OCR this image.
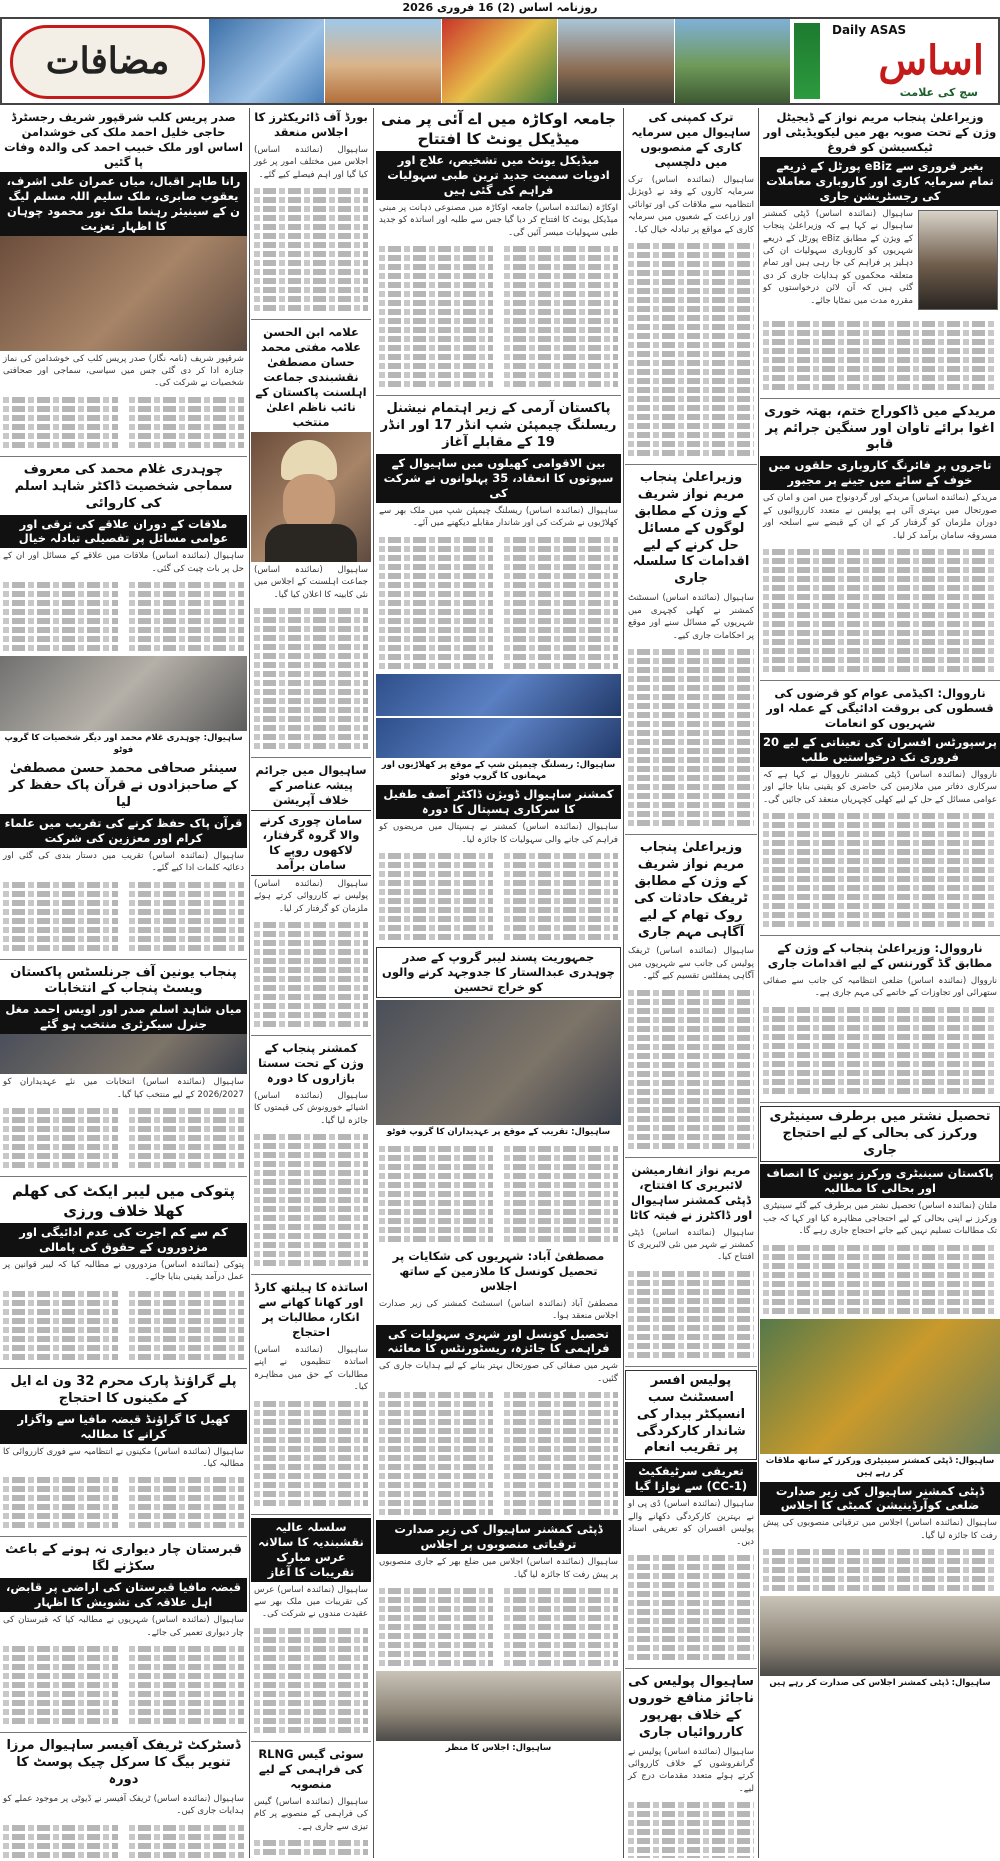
روزنامہ اساس (2) 16 فروری 2026
مضافات
Daily ASAS
اساس
سچ کی علامت
وزیراعلیٰ پنجاب مریم نواز کے ڈیجیٹل وژن کے تحت صوبہ بھر میں لیکویڈیٹی اور ٹیکسیشن کو فروغ
بغیر فروری سے eBiz پورٹل کے ذریعے تمام سرمایہ کاری اور کاروباری معاملات کی رجسٹریشن جاری
ساہیوال (نمائندہ اساس) ڈپٹی کمشنر ساہیوال نے کہا ہے کہ وزیراعلیٰ پنجاب کے ویژن کے مطابق eBiz پورٹل کے ذریعے شہریوں کو کاروباری سہولیات ان کی دہلیز پر فراہم کی جا رہی ہیں اور تمام متعلقہ محکموں کو ہدایات جاری کر دی گئی ہیں کہ آن لائن درخواستوں کو مقررہ مدت میں نمٹایا جائے۔
مریدکے میں ڈاکوراج ختم، بھتہ خوری اغوا برائے تاوان اور سنگین جرائم پر قابو
تاجروں پر فائرنگ کاروباری حلقوں میں خوف کے سائے میں جینے پر مجبور
مریدکے (نمائندہ اساس) مریدکے اور گردونواح میں امن و امان کی صورتحال میں بہتری آئی ہے پولیس نے متعدد کارروائیوں کے دوران ملزمان کو گرفتار کر کے ان کے قبضے سے اسلحہ اور مسروقہ سامان برآمد کر لیا۔
نارووال: اکیڈمی عوام کو قرضوں کی قسطوں کی بروقت ادائیگی کے عملہ اور شہریوں کو انعامات
پرسپورٹس افسران کی تعیناتی کے لیے 20 فروری تک درخواستیں طلب
نارووال (نمائندہ اساس) ڈپٹی کمشنر نارووال نے کہا ہے کہ سرکاری دفاتر میں ملازمین کی حاضری کو یقینی بنایا جائے اور عوامی مسائل کے حل کے لیے کھلی کچہریاں منعقد کی جائیں گی۔
نارووال: وزیراعلیٰ پنجاب کے وژن کے مطابق گڈ گورننس کے لیے اقدامات جاری
نارووال (نمائندہ اساس) ضلعی انتظامیہ کی جانب سے صفائی ستھرائی اور تجاوزات کے خاتمے کی مہم جاری ہے۔
تحصیل نشتر میں برطرف سینیٹری ورکرز کی بحالی کے لیے احتجاج جاری
پاکستان سینیٹری ورکرز یونین کا انصاف اور بحالی کا مطالبہ
ملتان (نمائندہ اساس) تحصیل نشتر میں برطرف کیے گئے سینیٹری ورکرز نے اپنی بحالی کے لیے احتجاجی مظاہرہ کیا اور کہا کہ جب تک مطالبات تسلیم نہیں کیے جاتے احتجاج جاری رہے گا۔
ساہیوال: ڈپٹی کمشنر سینیٹری ورکرز کے ساتھ ملاقات کر رہے ہیں
ڈپٹی کمشنر ساہیوال کی زیر صدارت ضلعی کوآرڈینیشن کمیٹی کا اجلاس
ساہیوال (نمائندہ اساس) اجلاس میں ترقیاتی منصوبوں کی پیش رفت کا جائزہ لیا گیا۔
ساہیوال: ڈپٹی کمشنر اجلاس کی صدارت کر رہے ہیں
ترک کمپنی کی ساہیوال میں سرمایہ کاری کے منصوبوں میں دلچسپی
ساہیوال (نمائندہ اساس) ترک سرمایہ کاروں کے وفد نے ڈویژنل انتظامیہ سے ملاقات کی اور توانائی اور زراعت کے شعبوں میں سرمایہ کاری کے مواقع پر تبادلہ خیال کیا۔
وزیراعلیٰ پنجاب مریم نواز شریف کے وژن کے مطابق لوگوں کے مسائل حل کرنے کے لیے اقدامات کا سلسلہ جاری
ساہیوال (نمائندہ اساس) اسسٹنٹ کمشنر نے کھلی کچہری میں شہریوں کے مسائل سنے اور موقع پر احکامات جاری کیے۔
وزیراعلیٰ پنجاب مریم نواز شریف کے وژن کے مطابق ٹریفک حادثات کی روک تھام کے لیے آگاہی مہم جاری
ساہیوال (نمائندہ اساس) ٹریفک پولیس کی جانب سے شہریوں میں آگاہی پمفلٹس تقسیم کیے گئے۔
مریم نواز انفارمیشن لائبریری کا افتتاح، ڈپٹی کمشنر ساہیوال اور ڈاکٹرز نے فیتہ کاٹا
ساہیوال (نمائندہ اساس) ڈپٹی کمشنر نے شہر میں نئی لائبریری کا افتتاح کیا۔
پولیس افسر اسسٹنٹ سب انسپکٹر بیدار کی شاندار کارکردگی پر تقریب انعام
تعریفی سرٹیفکیٹ (CC-1) سے نوازا گیا
ساہیوال (نمائندہ اساس) ڈی پی او نے بہترین کارکردگی دکھانے والے پولیس افسران کو تعریفی اسناد دیں۔
ساہیوال پولیس کی ناجائز منافع خوروں کے خلاف بھرپور کارروائیاں جاری
ساہیوال (نمائندہ اساس) پولیس نے گرانفروشوں کے خلاف کارروائی کرتے ہوئے متعدد مقدمات درج کر لیے۔
جامعہ اوکاڑہ میں اے آئی پر منی میڈیکل یونٹ کا افتتاح
میڈیکل یونٹ میں تشخیص، علاج اور ادویات سمیت جدید ترین طبی سہولیات فراہم کی گئی ہیں
اوکاڑہ (نمائندہ اساس) جامعہ اوکاڑہ میں مصنوعی ذہانت پر مبنی میڈیکل یونٹ کا افتتاح کر دیا گیا جس سے طلبہ اور اساتذہ کو جدید طبی سہولیات میسر آئیں گی۔
پاکستان آرمی کے زیر اہتمام نیشنل ریسلنگ چیمپئن شپ انڈر 17 اور انڈر 19 کے مقابلے آغاز
بین الاقوامی کھیلوں میں ساہیوال کے سپوتوں کا انعقاد، 35 پہلوانوں نے شرکت کی
ساہیوال (نمائندہ اساس) ریسلنگ چیمپئن شپ میں ملک بھر سے کھلاڑیوں نے شرکت کی اور شاندار مقابلے دیکھنے میں آئے۔
ساہیوال: ریسلنگ چیمپئن شپ کے موقع پر کھلاڑیوں اور مہمانوں کا گروپ فوٹو
کمشنر ساہیوال ڈویژن ڈاکٹر آصف طفیل کا سرکاری ہسپتال کا دورہ
ساہیوال (نمائندہ اساس) کمشنر نے ہسپتال میں مریضوں کو فراہم کی جانے والی سہولیات کا جائزہ لیا۔
جمہوریت پسند لیبر گروپ کے صدر چوہدری عبدالستار کا جدوجہد کرنے والوں کو خراج تحسین
ساہیوال: تقریب کے موقع پر عہدیداران کا گروپ فوٹو
مصطفیٰ آباد: شہریوں کی شکایات پر تحصیل کونسل کا ملازمین کے ساتھ اجلاس
مصطفیٰ آباد (نمائندہ اساس) اسسٹنٹ کمشنر کی زیر صدارت اجلاس منعقد ہوا۔
تحصیل کونسل اور شہری سہولیات کی فراہمی کا جائزہ، ریسٹورنٹس کا معائنہ
شہر میں صفائی کی صورتحال بہتر بنانے کے لیے ہدایات جاری کی گئیں۔
ڈپٹی کمشنر ساہیوال کی زیر صدارت ترقیاتی منصوبوں پر اجلاس
ساہیوال (نمائندہ اساس) اجلاس میں ضلع بھر کے جاری منصوبوں پر پیش رفت کا جائزہ لیا گیا۔
ساہیوال: اجلاس کا منظر
بورڈ آف ڈائریکٹرز کا اجلاس منعقد
ساہیوال (نمائندہ اساس) اجلاس میں مختلف امور پر غور کیا گیا اور اہم فیصلے کیے گئے۔
علامہ ابن الحسن علامہ مفتی محمد حسان مصطفیٰ نقشبندی جماعت اہلسنت پاکستان کے نائب ناظم اعلیٰ منتخب
ساہیوال (نمائندہ اساس) جماعت اہلسنت کے اجلاس میں نئی کابینہ کا اعلان کیا گیا۔
ساہیوال میں جرائم پیشہ عناصر کے خلاف آپریشن
سامان چوری کرنے والا گروہ گرفتار، لاکھوں روپے کا سامان برآمد
ساہیوال (نمائندہ اساس) پولیس نے کارروائی کرتے ہوئے ملزمان کو گرفتار کر لیا۔
کمشنر پنجاب کے وژن کے تحت سستا بازاروں کا دورہ
ساہیوال (نمائندہ اساس) اشیائے خورونوش کی قیمتوں کا جائزہ لیا گیا۔
اساتذہ کا ہیلتھ کارڈ اور کھانا کھانے سے انکار، مطالبات پر احتجاج
ساہیوال (نمائندہ اساس) اساتذہ تنظیموں نے اپنے مطالبات کے حق میں مظاہرہ کیا۔
سلسلہ عالیہ نقشبندیہ کا سالانہ عرس مبارک تقریبات کا آغاز
ساہیوال (نمائندہ اساس) عرس کی تقریبات میں ملک بھر سے عقیدت مندوں نے شرکت کی۔
سوئی گیس RLNG کی فراہمی کے لیے منصوبہ
ساہیوال (نمائندہ اساس) گیس کی فراہمی کے منصوبے پر کام تیزی سے جاری ہے۔
صدر پریس کلب شرقپور شریف رجسٹرڈ حاجی خلیل احمد ملک کی خوشدامن اساس اور ملک خبیب احمد کی والدہ وفات پا گئیں
رانا طاہر اقبال، میاں عمران علی اشرف، یعقوب صابری، ملک سلیم اللہ مسلم لیگ ن کے سینیئر رہنما ملک نور محمود چوہان کا اظہار تعزیت
شرقپور شریف (نامہ نگار) صدر پریس کلب کی خوشدامن کی نماز جنازہ ادا کر دی گئی جس میں سیاسی، سماجی اور صحافتی شخصیات نے شرکت کی۔
چوہدری غلام محمد کی معروف سماجی شخصیت ڈاکٹر شاہد اسلم کی کاروائی
ملاقات کے دوران علاقے کی ترقی اور عوامی مسائل پر تفصیلی تبادلہ خیال
ساہیوال (نمائندہ اساس) ملاقات میں علاقے کے مسائل اور ان کے حل پر بات چیت کی گئی۔
ساہیوال: چوہدری غلام محمد اور دیگر شخصیات کا گروپ فوٹو
سینئر صحافی محمد حسن مصطفیٰ کے صاحبزادوں نے قرآن پاک حفظ کر لیا
قرآن پاک حفظ کرنے کی تقریب میں علماء کرام اور معززین کی شرکت
ساہیوال (نمائندہ اساس) تقریب میں دستار بندی کی گئی اور دعائیہ کلمات ادا کیے گئے۔
پنجاب یونین آف جرنلسٹس پاکستان ویسٹ پنجاب کے انتخابات
میاں شاہد اسلم صدر اور اویس احمد مغل جنرل سیکرٹری منتخب ہو گئے
ساہیوال (نمائندہ اساس) انتخابات میں نئے عہدیداران کو 2026/2027 کے لیے منتخب کیا گیا۔
پتوکی میں لیبر ایکٹ کی کھلم کھلا خلاف ورزی
کم سے کم اجرت کی عدم ادائیگی اور مزدوروں کے حقوق کی پامالی
پتوکی (نمائندہ اساس) مزدوروں نے مطالبہ کیا کہ لیبر قوانین پر عمل درآمد یقینی بنایا جائے۔
پلے گراؤنڈ پارک محرم 32 ون اے ایل کے مکینوں کا احتجاج
کھیل کا گراؤنڈ قبضہ مافیا سے واگزار کرانے کا مطالبہ
ساہیوال (نمائندہ اساس) مکینوں نے انتظامیہ سے فوری کارروائی کا مطالبہ کیا۔
قبرستان چار دیواری نہ ہونے کے باعث سکڑنے لگا
قبضہ مافیا قبرستان کی اراضی پر قابض، اہل علاقہ کی تشویش کا اظہار
ساہیوال (نمائندہ اساس) شہریوں نے مطالبہ کیا کہ قبرستان کی چار دیواری تعمیر کی جائے۔
ڈسٹرکٹ ٹریفک آفیسر ساہیوال مرزا تنویر بیگ کا سرکل چیک پوسٹ کا دورہ
ساہیوال (نمائندہ اساس) ٹریفک آفیسر نے ڈیوٹی پر موجود عملے کو ہدایات جاری کیں۔
